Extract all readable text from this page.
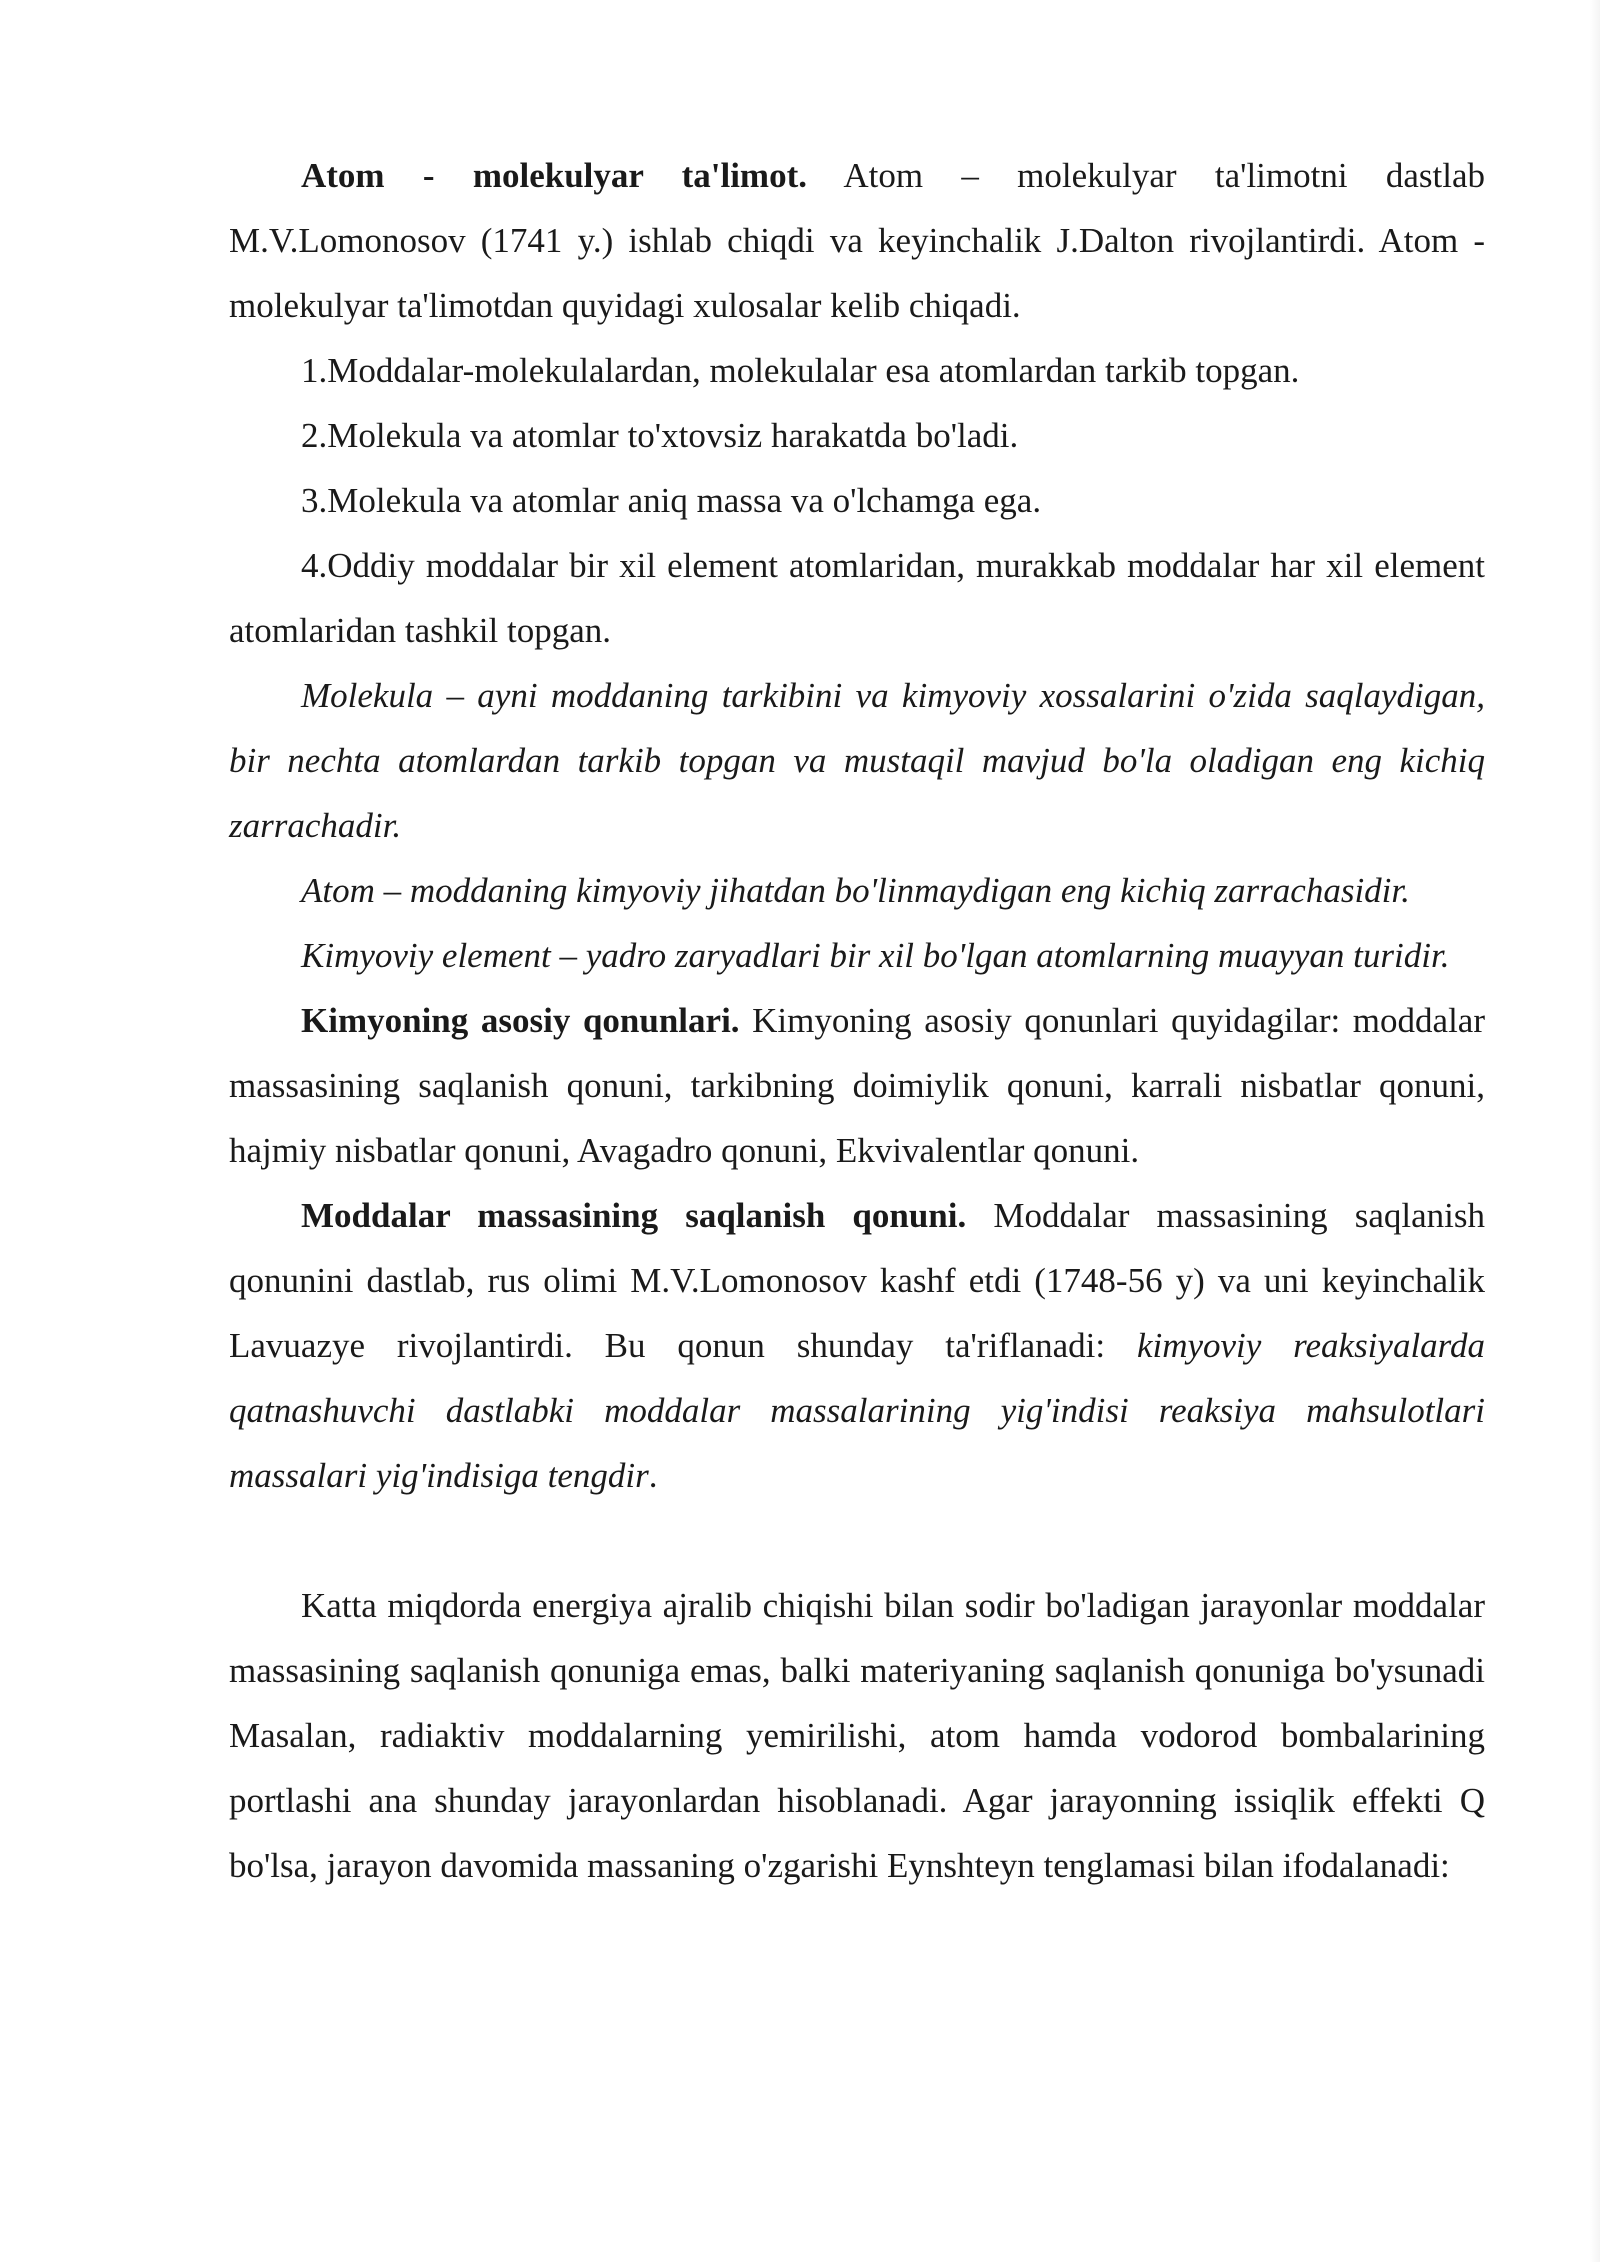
Atom - molekulyar ta'limot. Atom – molekulyar ta'limotni dastlab M.V.Lomonosov (1741 y.) ishlab chiqdi va keyinchalik J.Dalton rivojlantirdi. Atom - molekulyar ta'limotdan quyidagi xulosalar kelib chiqadi.

1.Moddalar-molekulalardan, molekulalar esa atomlardan tarkib topgan.

2.Molekula va atomlar to'xtovsiz harakatda bo'ladi.

3.Molekula va atomlar aniq massa va o'lchamga ega.

4.Oddiy moddalar bir xil element atomlaridan, murakkab moddalar har xil element atomlaridan tashkil topgan.

Molekula – ayni moddaning tarkibini va kimyoviy xossalarini o'zida saqlaydigan, bir nechta atomlardan tarkib topgan va mustaqil mavjud bo'la oladigan eng kichiq zarrachadir.

Atom – moddaning kimyoviy jihatdan bo'linmaydigan eng kichiq zarrachasidir.

Kimyoviy element – yadro zaryadlari bir xil bo'lgan atomlarning muayyan turidir.

Kimyoning asosiy qonunlari. Kimyoning asosiy qonunlari quyidagilar: moddalar massasining saqlanish qonuni, tarkibning doimiylik qonuni, karrali nisbatlar qonuni, hajmiy nisbatlar qonuni, Avagadro qonuni, Ekvivalentlar qonuni.

Moddalar massasining saqlanish qonuni. Moddalar massasining saqlanish qonunini dastlab, rus olimi M.V.Lomonosov kashf etdi (1748-56 y) va uni keyinchalik Lavuazye rivojlantirdi. Bu qonun shunday ta'riflanadi: kimyoviy reaksiyalarda qatnashuvchi dastlabki moddalar massalarining yig'indisi reaksiya mahsulotlari massalari yig'indisiga tengdir.

Katta miqdorda energiya ajralib chiqishi bilan sodir bo'ladigan jarayonlar moddalar massasining saqlanish qonuniga emas, balki materiyaning saqlanish qonuniga bo'ysunadi Masalan, radiaktiv moddalarning yemirilishi, atom hamda vodorod bombalarining portlashi ana shunday jarayonlardan hisoblanadi. Agar jarayonning issiqlik effekti Q bo'lsa, jarayon davomida massaning o'zgarishi Eynshteyn tenglamasi bilan ifodalanadi:
